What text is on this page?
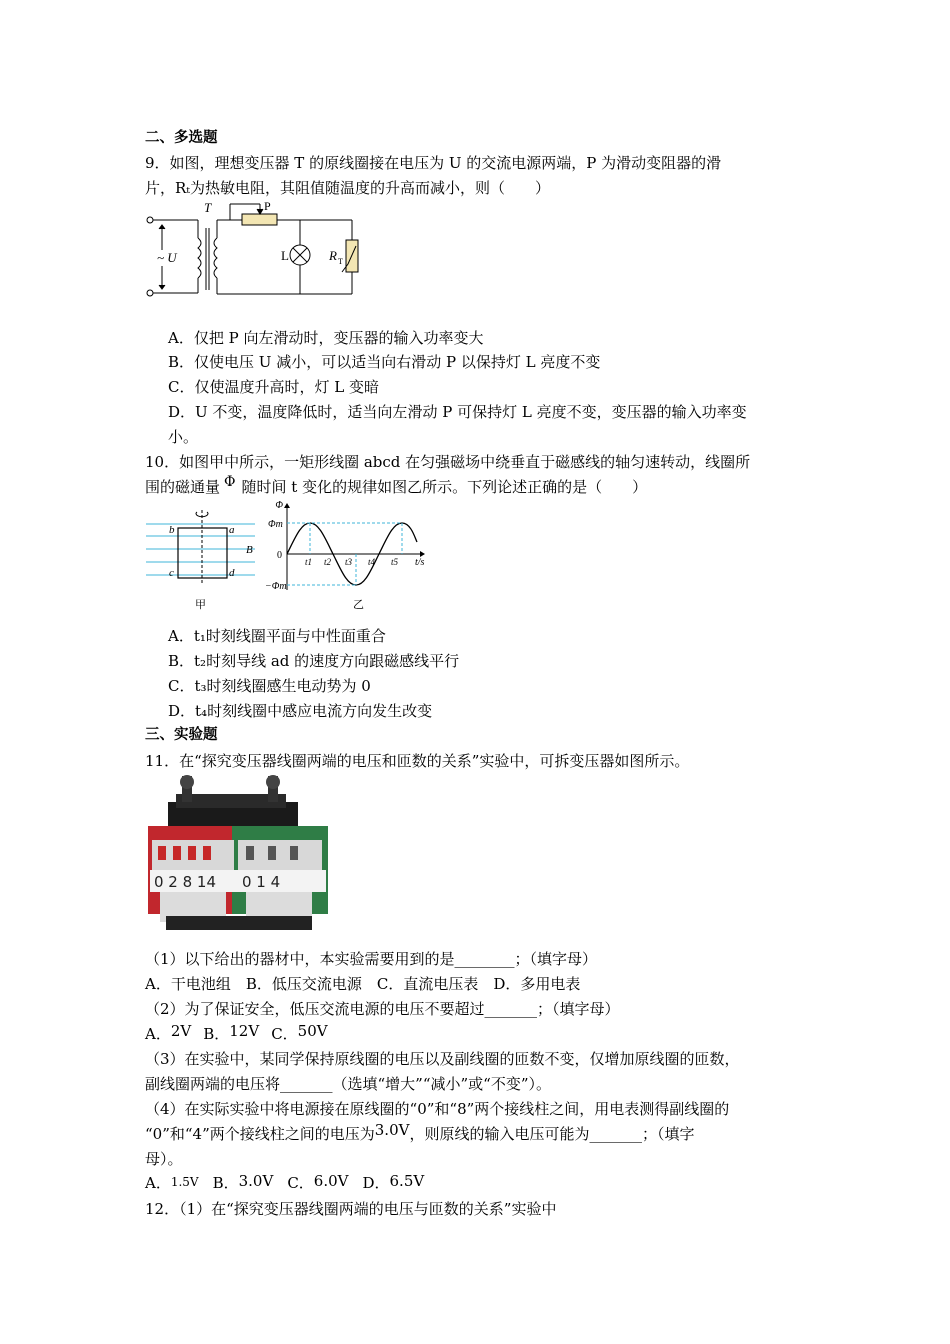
二、多选题
9．如图，理想变压器 T 的原线圈接在电压为 U 的交流电源两端，P 为滑动变阻器的滑
片，Rₜ为热敏电阻，其阻值随温度的升高而减小，则（　　）
T	P
~ U	L	R T
A．仅把 P 向左滑动时，变压器的输入功率变大
B．仅使电压 U 减小，可以适当向右滑动 P 以保持灯 L 亮度不变
C．仅使温度升高时，灯 L 变暗
D．U 不变，温度降低时，适当向左滑动 P 可保持灯 L 亮度不变，变压器的输入功率变
小。
10．如图甲中所示，一矩形线圈 abcd 在匀强磁场中绕垂直于磁感线的轴匀速转动，线圈所
围的磁通量 Φ 随时间 t 变化的规律如图乙所示。下列论述正确的是（　　）
b	a
c	d
B
甲
Φ
Φm
0
−Φm
t1 t2 t3 t4 t5 t/s
乙
A．t₁时刻线圈平面与中性面重合
B．t₂时刻导线 ad 的速度方向跟磁感线平行
C．t₃时刻线圈感生电动势为 0
D．t₄时刻线圈中感应电流方向发生改变
三、实验题
11．在“探究变压器线圈两端的电压和匝数的关系”实验中，可拆变压器如图所示。
0 2 8 14 0 1 4
（1）以下给出的器材中，本实验需要用到的是________；（填字母）
A．干电池组　B．低压交流电源　C．直流电压表　D．多用电表
（2）为了保证安全，低压交流电源的电压不要超过_______；（填字母）
A．2V B．12V C．50V
（3）在实验中，某同学保持原线圈的电压以及副线圈的匝数不变，仅增加原线圈的匝数，
副线圈两端的电压将_______（选填“增大”“减小”或“不变”）。
（4）在实际实验中将电源接在原线圈的“0”和“8”两个接线柱之间，用电表测得副线圈的
“0”和“4”两个接线柱之间的电压为3.0V，则原线的输入电压可能为_______；（填字
母）。
A．1.5V B．3.0V C．6.0V D．6.5V
12．（1）在“探究变压器线圈两端的电压与匝数的关系”实验中
